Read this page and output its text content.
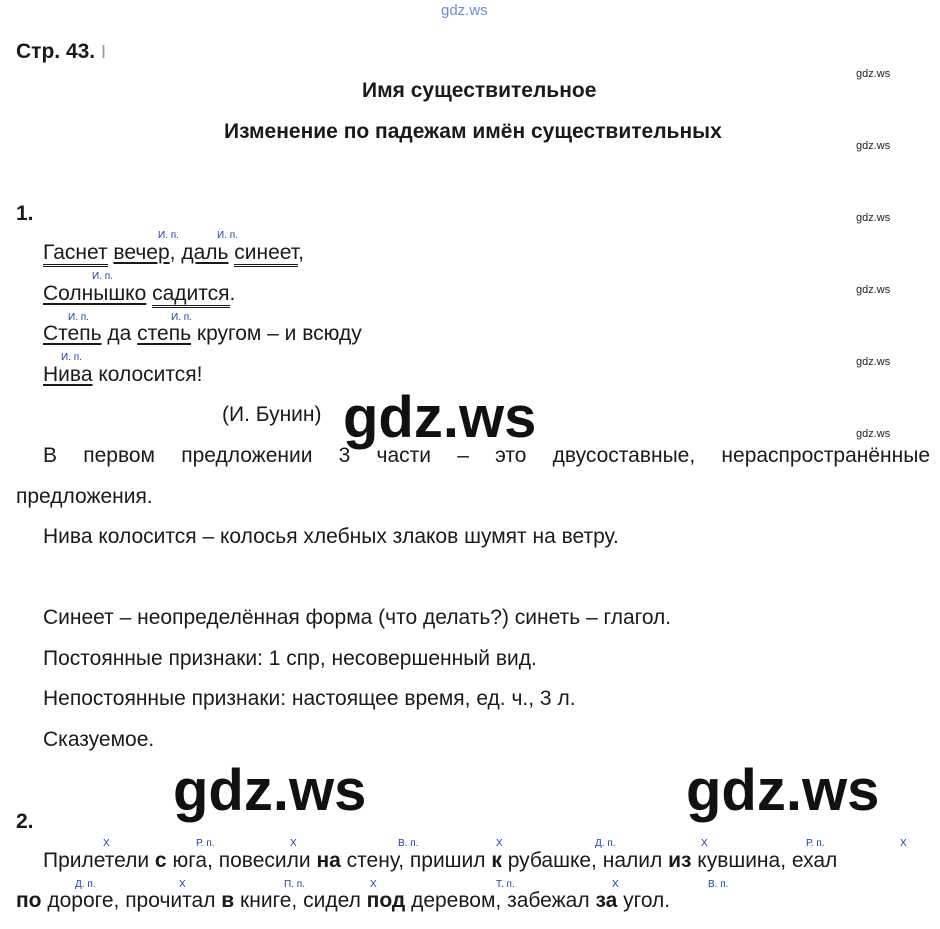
gdz.ws
Стр. 43. I
Имя существительное
Изменение по падежам имён существительных
gdz.ws
gdz.ws
gdz.ws
gdz.ws
gdz.ws
gdz.ws
1.
И. п.	И. п.
И. п.
И. п.	И. п.
И. п.
Гаснет вечер, даль синеет,
Солнышко садится.
Степь да степь кругом – и всюду
Нива колосится!
(И. Бунин) gdz.ws
В первом предложении 3 части – это двусоставные, нераспространённые
предложения.
Нива колосится – колосья хлебных злаков шумят на ветру.
Синеет – неопределённая форма (что делать?) синеть – глагол.
Постоянные признаки: 1 спр, несовершенный вид.
Непостоянные признаки: настоящее время, ед. ч., 3 л.
Сказуемое.
gdz.ws	gdz.ws
2.
Х	Р. п.	Х	В. п.	Х	Д. п.	Х	Р. п.	Х
Прилетели с юга, повесили на стену, пришил к рубашке, налил из кувшина, ехал
Д. п.	Х	П. п.	Х	Т. п.	Х	В. п.
по дороге, прочитал в книге, сидел под деревом, забежал за угол.
